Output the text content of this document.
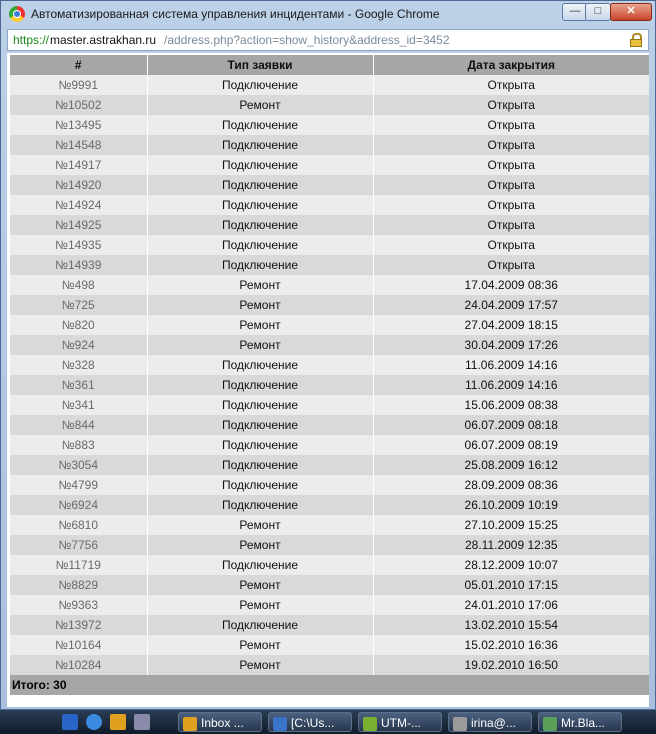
Автоматизированная система управления инцидентами - Google Chrome	—	□	✕
https:// master.astrakhan.ru /address.php?action=show_history&address_id=3452
#	Тип заявки	Дата закрытия
№9991	Подключение	Открыта
№10502	Ремонт	Открыта
№13495	Подключение	Открыта
№14548	Подключение	Открыта
№14917	Подключение	Открыта
№14920	Подключение	Открыта
№14924	Подключение	Открыта
№14925	Подключение	Открыта
№14935	Подключение	Открыта
№14939	Подключение	Открыта
№498	Ремонт	17.04.2009 08:36
№725	Ремонт	24.04.2009 17:57
№820	Ремонт	27.04.2009 18:15
№924	Ремонт	30.04.2009 17:26
№328	Подключение	11.06.2009 14:16
№361	Подключение	11.06.2009 14:16
№341	Подключение	15.06.2009 08:38
№844	Подключение	06.07.2009 08:18
№883	Подключение	06.07.2009 08:19
№3054	Подключение	25.08.2009 16:12
№4799	Подключение	28.09.2009 08:36
№6924	Подключение	26.10.2009 10:19
№6810	Ремонт	27.10.2009 15:25
№7756	Ремонт	28.11.2009 12:35
№11719	Подключение	28.12.2009 10:07
№8829	Ремонт	05.01.2010 17:15
№9363	Ремонт	24.01.2010 17:06
№13972	Подключение	13.02.2010 15:54
№10164	Ремонт	15.02.2010 16:36
№10284	Ремонт	19.02.2010 16:50
Итого: 30
Inbox ...	[C:\Us...	UTM-...	irina@...	Mr.Bla...
